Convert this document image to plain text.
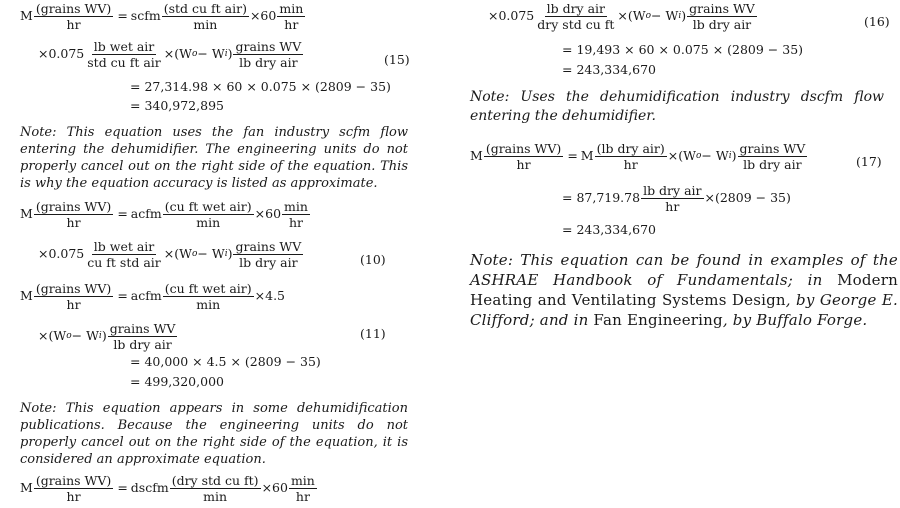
M $\frac{\text{(grains WV)}}{hr}$ = scfm $\frac{\text{(std cu ft air)}}{\min} \times 60 \frac{\min}{hr}$
$\times 0.075 \frac{\text{lb wet air}}{\text{std cu ft air}} \times (W$ o − W i ) $\frac{\text{grains WV}}{\text{lb dry air}}$	(15)
= 27,314.98 × 60 × 0.075 × (2809 − 35)
= 340,972,895
Note: This equation uses the fan industry scfm flow entering the dehumidifier. The engineering units do not properly cancel out on the right side of the equation. This is why the equation accuracy is listed as approximate.
M $\frac{\text{(grains WV)}}{hr}$ = acfm $\frac{\text{(cu ft wet air)}}{\min} \times 60 \frac{\min}{hr}$
$\times 0.075 \frac{\text{lb wet air}}{\text{cu ft std air}} \times (W$ o − W i ) $\frac{\text{grains WV}}{\text{lb dry air}}$	(10)
M $\frac{\text{(grains WV)}}{hr}$ = acfm $\frac{\text{(cu ft wet air)}}{\min} \times 4.5$
×(W o − W i ) $\frac{\text{grains WV}}{\text{lb dry air}}$	(11)
= 40,000 × 4.5 × (2809 − 35)
= 499,320,000
Note: This equation appears in some dehumidification publications. Because the engineering units do not properly cancel out on the right side of the equation, it is considered an approximate equation.
M $\frac{\text{(grains WV)}}{hr}$ = dscfm $\frac{\text{(dry std cu ft)}}{\min} \times 60 \frac{\min}{hr}$
$\times 0.075 \frac{\text{lb dry air}}{\text{dry std cu ft}} \times (W$ o − W i ) $\frac{\text{grains WV}}{\text{lb dry air}}$	(16)
= 19,493 × 60 × 0.075 × (2809 − 35)
= 243,334,670
Note: Uses the dehumidification industry dscfm flow entering the dehumidifier.
M $\frac{\text{(grains WV)}}{hr} = M \frac{\text{(lb dry air)}}{hr} \times (W$ o − W i ) $\frac{\text{grains WV}}{\text{lb dry air}}$	(17)
= $87,719.78 \frac{\text{lb dry air}}{hr} \times(2809 - 35)$
= 243,334,670
Note: This equation can be found in examples of the ASHRAE Handbook of Fundamentals; in Modern Heating and Ventilating Systems Design, by George E. Clifford; and in Fan Engineering, by Buffalo Forge.
